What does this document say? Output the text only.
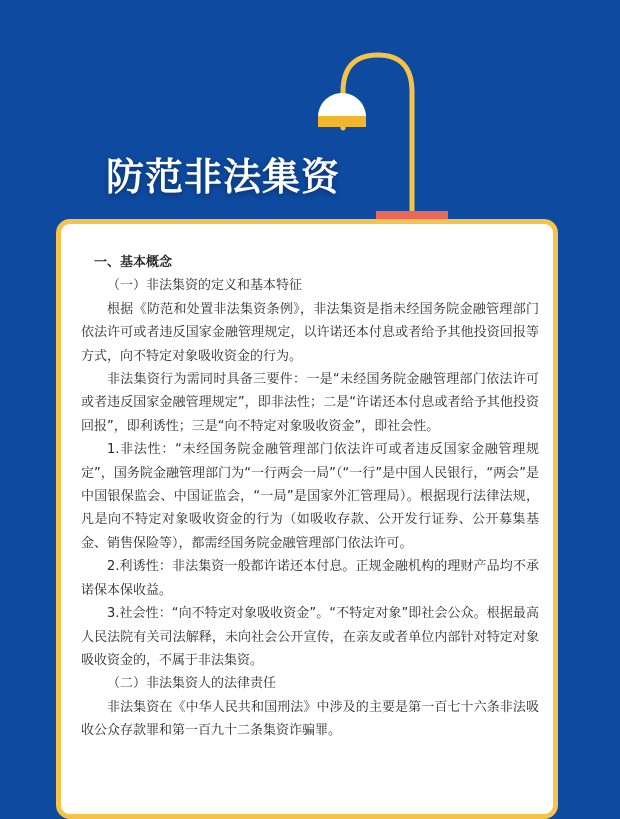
防范非法集资

一、基本概念

（一）非法集资的定义和基本特征

根据《防范和处置非法集资条例》，非法集资是指未经国务院金融管理部门依法许可或者违反国家金融管理规定，以许诺还本付息或者给予其他投资回报等方式，向不特定对象吸收资金的行为。

非法集资行为需同时具备三要件：一是“未经国务院金融管理部门依法许可或者违反国家金融管理规定”，即非法性；二是“许诺还本付息或者给予其他投资回报”，即利诱性；三是“向不特定对象吸收资金”，即社会性。

1.非法性：“未经国务院金融管理部门依法许可或者违反国家金融管理规定”，国务院金融管理部门为“一行两会一局”（“一行”是中国人民银行，“两会”是中国银保监会、中国证监会，“一局”是国家外汇管理局）。根据现行法律法规，凡是向不特定对象吸收资金的行为（如吸收存款、公开发行证券、公开募集基金、销售保险等），都需经国务院金融管理部门依法许可。

2.利诱性：非法集资一般都许诺还本付息。正规金融机构的理财产品均不承诺保本保收益。

3.社会性：“向不特定对象吸收资金”。“不特定对象”即社会公众。根据最高人民法院有关司法解释，未向社会公开宣传，在亲友或者单位内部针对特定对象吸收资金的，不属于非法集资。

（二）非法集资人的法律责任

非法集资在《中华人民共和国刑法》中涉及的主要是第一百七十六条非法吸收公众存款罪和第一百九十二条集资诈骗罪。
